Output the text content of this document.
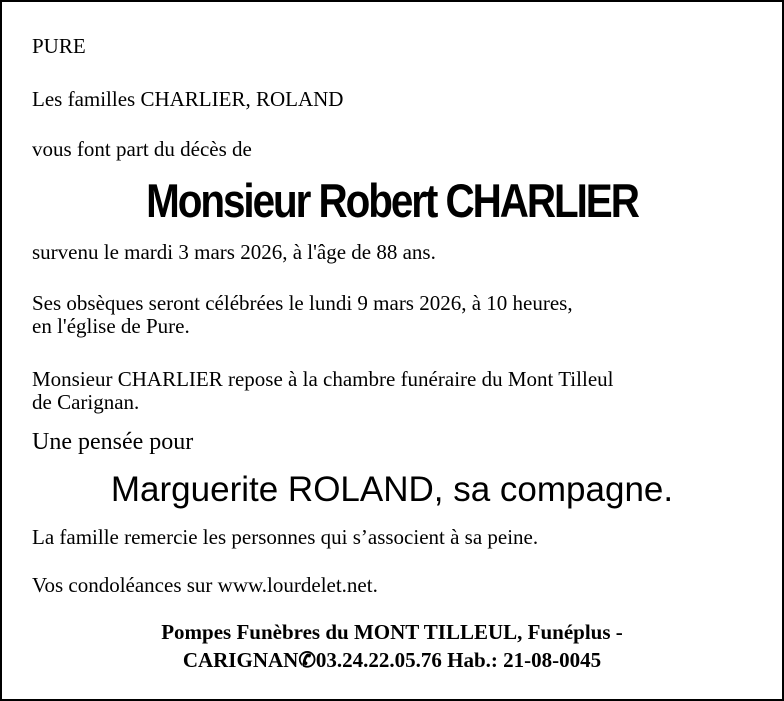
PURE
Les familles CHARLIER, ROLAND
vous font part du décès de
Monsieur Robert CHARLIER
survenu le mardi 3 mars 2026, à l'âge de 88 ans.
Ses obsèques seront célébrées le lundi 9 mars 2026, à 10 heures,
en l'église de Pure.
Monsieur CHARLIER repose à la chambre funéraire du Mont Tilleul
de Carignan.
Une pensée pour
Marguerite ROLAND, sa compagne.
La famille remercie les personnes qui s’associent à sa peine.
Vos condoléances sur www.lourdelet.net.
Pompes Funèbres du MONT TILLEUL, Funéplus -
CARIGNAN✆03.24.22.05.76 Hab.: 21-08-0045
